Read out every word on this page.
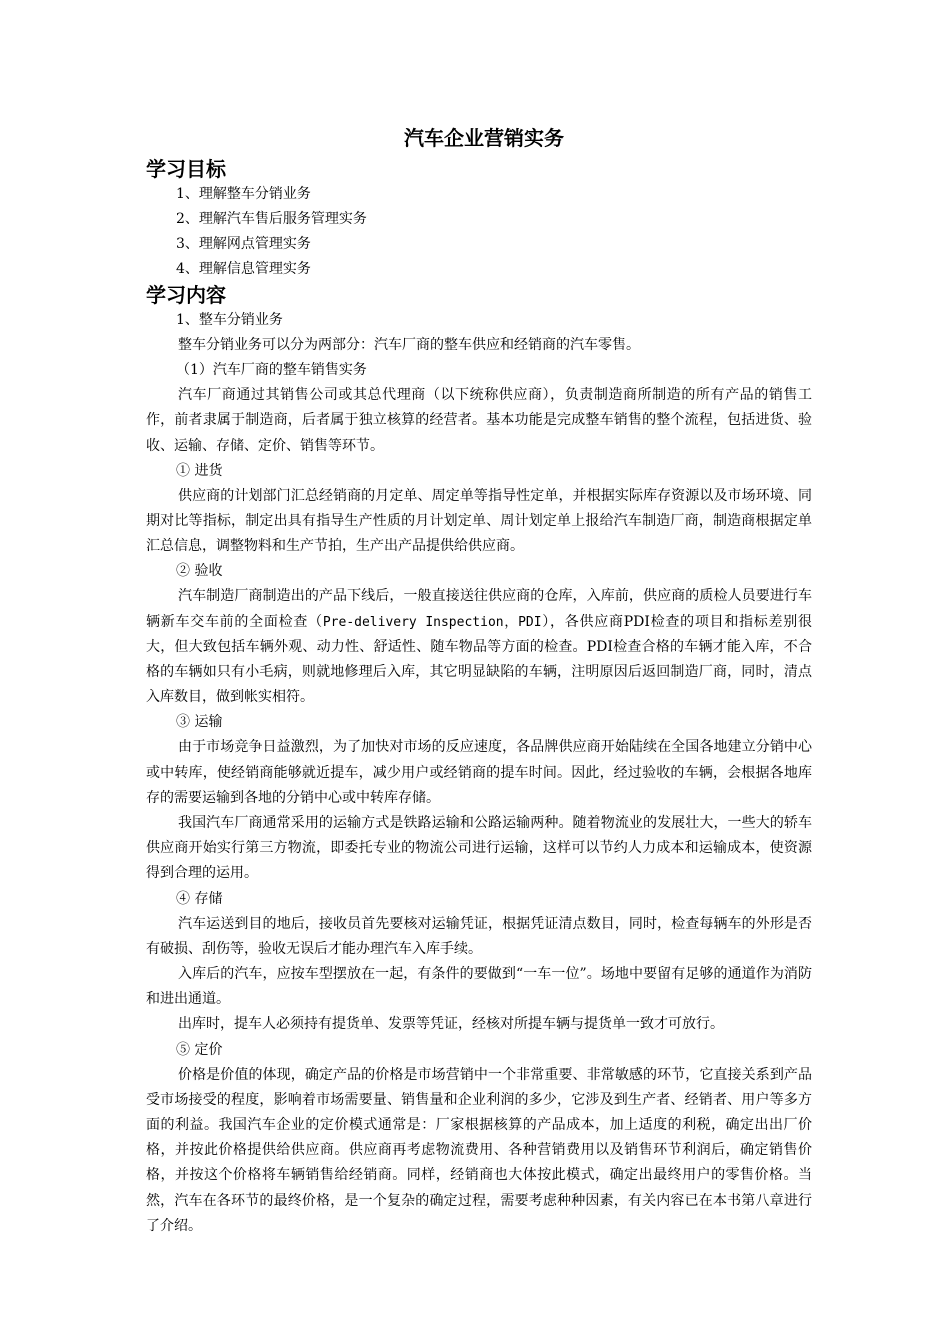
汽车企业营销实务
学习目标

1、理解整车分销业务

2、理解汽车售后服务管理实务

3、理解网点管理实务

4、理解信息管理实务

学习内容

1、整车分销业务

整车分销业务可以分为两部分：汽车厂商的整车供应和经销商的汽车零售。

（1）汽车厂商的整车销售实务

汽车厂商通过其销售公司或其总代理商（以下统称供应商），负责制造商所制造的所有产品的销售工作，前者隶属于制造商，后者属于独立核算的经营者。基本功能是完成整车销售的整个流程，包括进货、验收、运输、存储、定价、销售等环节。

① 进货

供应商的计划部门汇总经销商的月定单、周定单等指导性定单，并根据实际库存资源以及市场环境、同期对比等指标，制定出具有指导生产性质的月计划定单、周计划定单上报给汽车制造厂商，制造商根据定单汇总信息，调整物料和生产节拍，生产出产品提供给供应商。

② 验收

汽车制造厂商制造出的产品下线后，一般直接送往供应商的仓库，入库前，供应商的质检人员要进行车辆新车交车前的全面检查（Pre-delivery Inspection，PDI），各供应商PDI检查的项目和指标差别很大，但大致包括车辆外观、动力性、舒适性、随车物品等方面的检查。PDI检查合格的车辆才能入库，不合格的车辆如只有小毛病，则就地修理后入库，其它明显缺陷的车辆，注明原因后返回制造厂商，同时，清点入库数目，做到帐实相符。

③ 运输

由于市场竞争日益激烈，为了加快对市场的反应速度，各品牌供应商开始陆续在全国各地建立分销中心或中转库，使经销商能够就近提车，减少用户或经销商的提车时间。因此，经过验收的车辆，会根据各地库存的需要运输到各地的分销中心或中转库存储。

我国汽车厂商通常采用的运输方式是铁路运输和公路运输两种。随着物流业的发展壮大，一些大的轿车供应商开始实行第三方物流，即委托专业的物流公司进行运输，这样可以节约人力成本和运输成本，使资源得到合理的运用。

④ 存储

汽车运送到目的地后，接收员首先要核对运输凭证，根据凭证清点数目，同时，检查每辆车的外形是否有破损、刮伤等，验收无误后才能办理汽车入库手续。

入库后的汽车，应按车型摆放在一起，有条件的要做到“一车一位”。场地中要留有足够的通道作为消防和进出通道。

出库时，提车人必须持有提货单、发票等凭证，经核对所提车辆与提货单一致才可放行。

⑤ 定价

价格是价值的体现，确定产品的价格是市场营销中一个非常重要、非常敏感的环节，它直接关系到产品受市场接受的程度，影响着市场需要量、销售量和企业利润的多少，它涉及到生产者、经销者、用户等多方面的利益。我国汽车企业的定价模式通常是：厂家根据核算的产品成本，加上适度的利税，确定出出厂价格，并按此价格提供给供应商。供应商再考虑物流费用、各种营销费用以及销售环节利润后，确定销售价格，并按这个价格将车辆销售给经销商。同样，经销商也大体按此模式，确定出最终用户的零售价格。当然，汽车在各环节的最终价格，是一个复杂的确定过程，需要考虑种种因素，有关内容已在本书第八章进行了介绍。
